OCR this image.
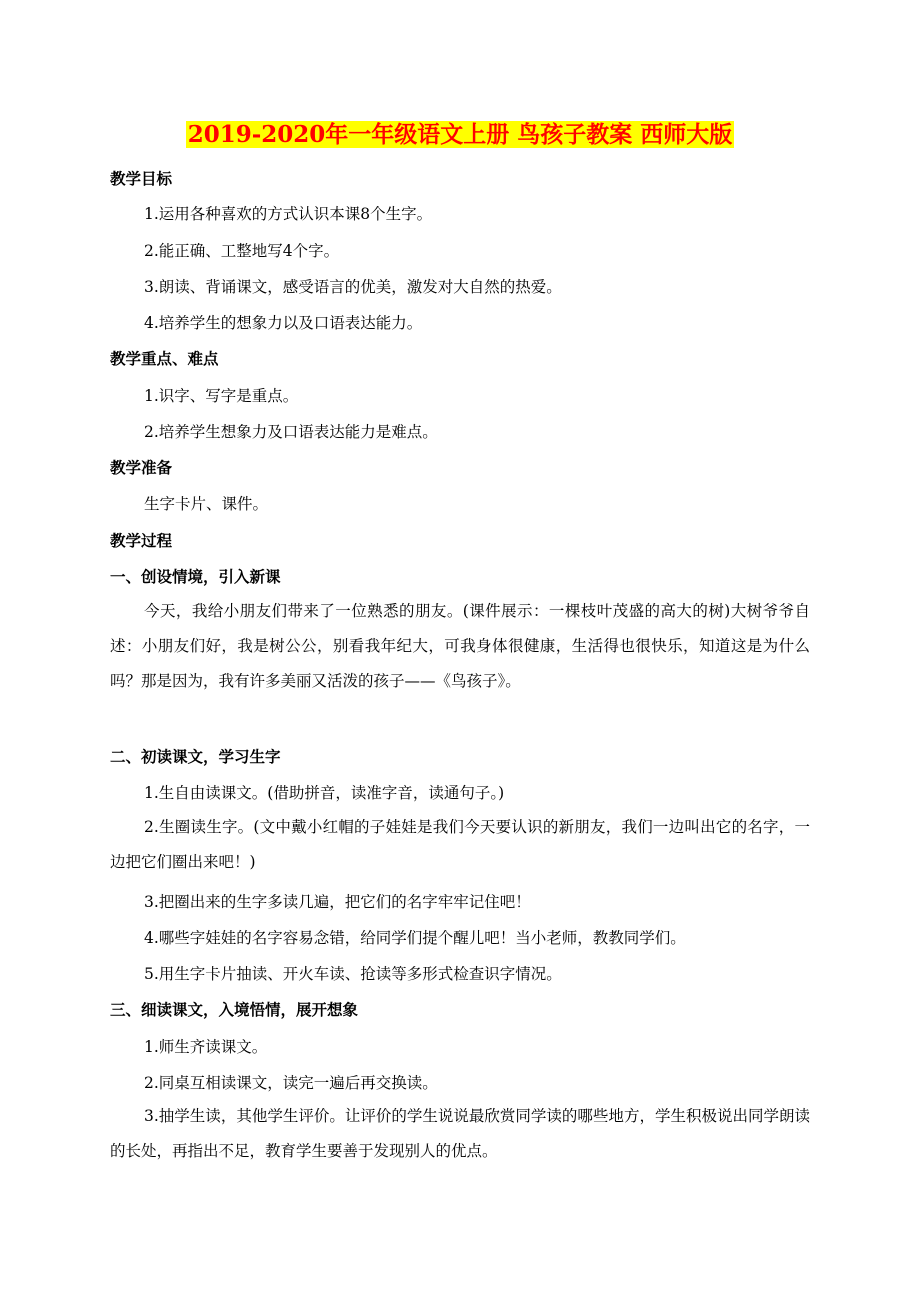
2019-2020年一年级语文上册 鸟孩子教案 西师大版
教学目标
1.运用各种喜欢的方式认识本课8个生字。
2.能正确、工整地写4个字。
3.朗读、背诵课文，感受语言的优美，激发对大自然的热爱。
4.培养学生的想象力以及口语表达能力。
教学重点、难点
1.识字、写字是重点。
2.培养学生想象力及口语表达能力是难点。
教学准备
生字卡片、课件。
教学过程
一、创设情境，引入新课
今天，我给小朋友们带来了一位熟悉的朋友。(课件展示：一棵枝叶茂盛的高大的树)大树爷爷自述：小朋友们好，我是树公公，别看我年纪大，可我身体很健康，生活得也很快乐，知道这是为什么吗？那是因为，我有许多美丽又活泼的孩子——《鸟孩子》。
二、初读课文，学习生字
1.生自由读课文。(借助拼音，读准字音，读通句子。)
2.生圈读生字。(文中戴小红帽的子娃娃是我们今天要认识的新朋友，我们一边叫出它的名字，一边把它们圈出来吧！)
3.把圈出来的生字多读几遍，把它们的名字牢牢记住吧！
4.哪些字娃娃的名字容易念错，给同学们提个醒儿吧！当小老师，教教同学们。
5.用生字卡片抽读、开火车读、抢读等多形式检查识字情况。
三、细读课文，入境悟情，展开想象
1.师生齐读课文。
2.同桌互相读课文，读完一遍后再交换读。
3.抽学生读，其他学生评价。让评价的学生说说最欣赏同学读的哪些地方，学生积极说出同学朗读的长处，再指出不足，教育学生要善于发现别人的优点。
